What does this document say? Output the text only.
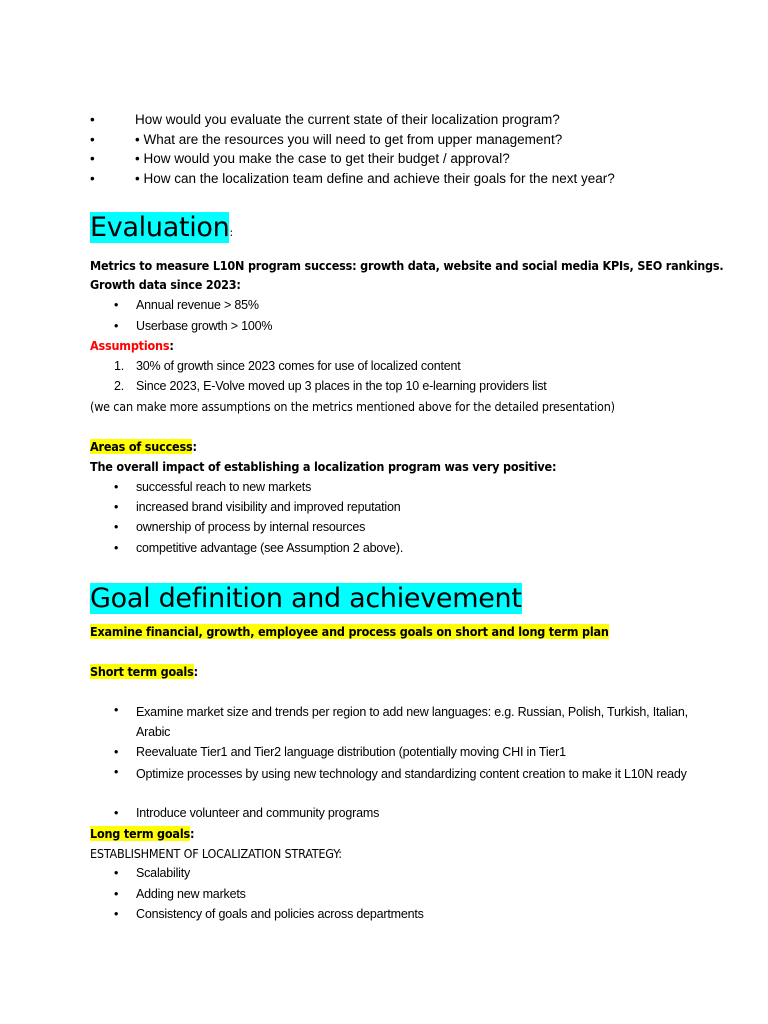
•	How would you evaluate the current state of their localization program?
•	• What are the resources you will need to get from upper management?
•	• How would you make the case to get their budget / approval?
•	• How can the localization team define and achieve their goals for the next year?
Evaluation:
Metrics to measure L10N program success: growth data, website and social media KPIs, SEO rankings.
Growth data since 2023:
• Annual revenue > 85%
• Userbase growth > 100%
Assumptions:
1. 30% of growth since 2023 comes for use of localized content
2. Since 2023, E-Volve moved up 3 places in the top 10 e-learning providers list
(we can make more assumptions on the metrics mentioned above for the detailed presentation)
Areas of success:
The overall impact of establishing a localization program was very positive:
• successful reach to new markets
• increased brand visibility and improved reputation
• ownership of process by internal resources
• competitive advantage (see Assumption 2 above).
Goal definition and achievement
Examine financial, growth, employee and process goals on short and long term plan
Short term goals:
• Examine market size and trends per region to add new languages: e.g. Russian, Polish, Turkish, Italian, Arabic
• Reevaluate Tier1 and Tier2 language distribution (potentially moving CHI in Tier1
• Optimize processes by using new technology and standardizing content creation to make it L10N ready
• Introduce volunteer and community programs
Long term goals:
ESTABLISHMENT OF LOCALIZATION STRATEGY:
• Scalability
• Adding new markets
• Consistency of goals and policies across departments
